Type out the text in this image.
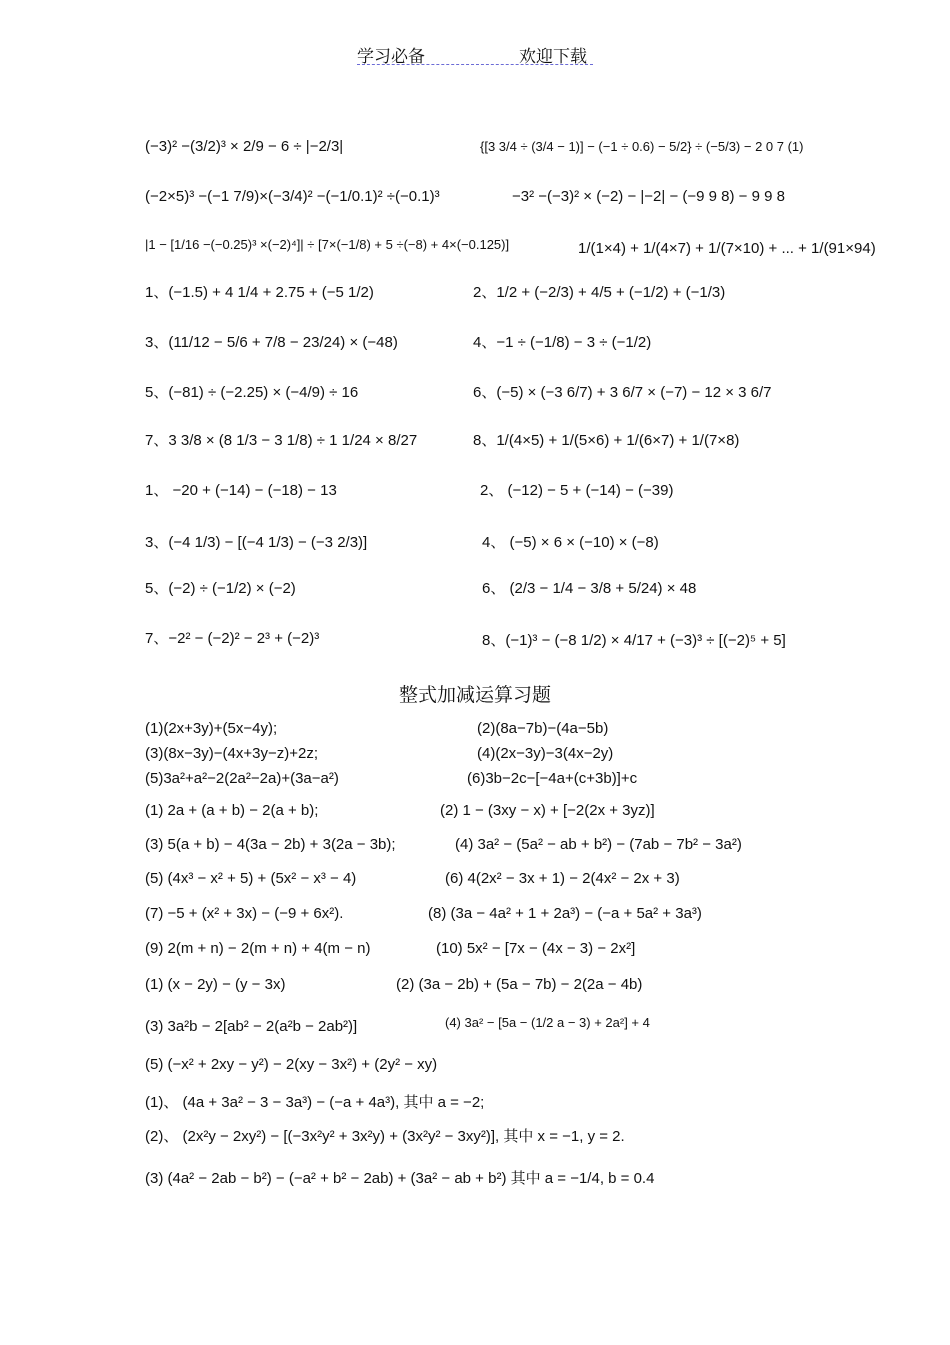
学习必备	欢迎下载
(−3)² −(3/2)³ × 2/9 − 6 ÷ |−2/3|	{[3 3/4 ÷ (3/4 − 1)] − (−1 ÷ 0.6) − 5/2} ÷ (−5/3) − 2 0 7 (1)
(−2×5)³ −(−1 7/9)×(−3/4)² −(−1/0.1)² ÷(−0.1)³	−3² −(−3)² × (−2) − |−2| − (−9 9 8) − 9 9 8
|1 − [1/16 −(−0.25)³ ×(−2)⁴]| ÷ [7×(−1/8) + 5 ÷(−8) + 4×(−0.125)]	1/(1×4) + 1/(4×7) + 1/(7×10) + ... + 1/(91×94)
1、(−1.5) + 4 1/4 + 2.75 + (−5 1/2)	2、1/2 + (−2/3) + 4/5 + (−1/2) + (−1/3)
3、(11/12 − 5/6 + 7/8 − 23/24) × (−48)	4、−1 ÷ (−1/8) − 3 ÷ (−1/2)
5、(−81) ÷ (−2.25) × (−4/9) ÷ 16	6、(−5) × (−3 6/7) + 3 6/7 × (−7) − 12 × 3 6/7
7、3 3/8 × (8 1/3 − 3 1/8) ÷ 1 1/24 × 8/27	8、1/(4×5) + 1/(5×6) + 1/(6×7) + 1/(7×8)
1、 −20 + (−14) − (−18) − 13	2、 (−12) − 5 + (−14) − (−39)
3、(−4 1/3) − [(−4 1/3) − (−3 2/3)]	4、 (−5) × 6 × (−10) × (−8)
5、(−2) ÷ (−1/2) × (−2)	6、 (2/3 − 1/4 − 3/8 + 5/24) × 48
7、−2² − (−2)² − 2³ + (−2)³	8、(−1)³ − (−8 1/2) × 4/17 + (−3)³ ÷ [(−2)⁵ + 5]
整式加减运算习题
(1)(2x+3y)+(5x−4y);	(2)(8a−7b)−(4a−5b)
(3)(8x−3y)−(4x+3y−z)+2z;	(4)(2x−3y)−3(4x−2y)
(5)3a²+a²−2(2a²−2a)+(3a−a²)	(6)3b−2c−[−4a+(c+3b)]+c
(1) 2a + (a + b) − 2(a + b);	(2) 1 − (3xy − x) + [−2(2x + 3yz)]
(3) 5(a + b) − 4(3a − 2b) + 3(2a − 3b);	(4) 3a² − (5a² − ab + b²) − (7ab − 7b² − 3a²)
(5) (4x³ − x² + 5) + (5x² − x³ − 4)	(6) 4(2x² − 3x + 1) − 2(4x² − 2x + 3)
(7) −5 + (x² + 3x) − (−9 + 6x²).	(8) (3a − 4a² + 1 + 2a³) − (−a + 5a² + 3a³)
(9) 2(m + n) − 2(m + n) + 4(m − n)	(10) 5x² − [7x − (4x − 3) − 2x²]
(1) (x − 2y) − (y − 3x)	(2) (3a − 2b) + (5a − 7b) − 2(2a − 4b)
(3) 3a²b − 2[ab² − 2(a²b − 2ab²)]	(4) 3a² − [5a − (1/2 a − 3) + 2a²] + 4
(5) (−x² + 2xy − y²) − 2(xy − 3x²) + (2y² − xy)
(1)、 (4a + 3a² − 3 − 3a³) − (−a + 4a³), 其中 a = −2;
(2)、 (2x²y − 2xy²) − [(−3x²y² + 3x²y) + (3x²y² − 3xy²)], 其中 x = −1, y = 2.
(3) (4a² − 2ab − b²) − (−a² + b² − 2ab) + (3a² − ab + b²) 其中 a = −1/4, b = 0.4
